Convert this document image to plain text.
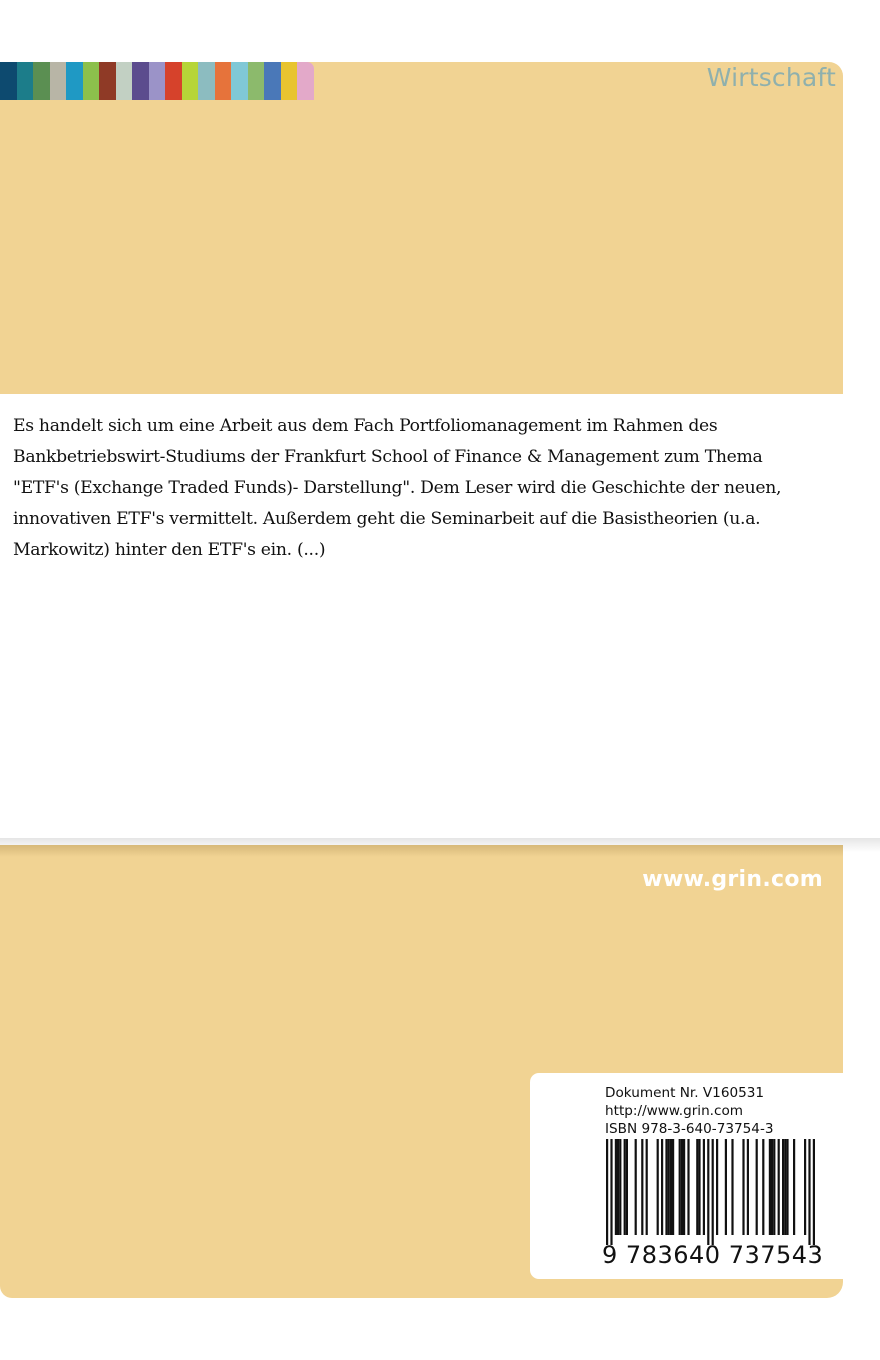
Wirtschaft

Es handelt sich um eine Arbeit aus dem Fach Portfoliomanagement im Rahmen des
Bankbetriebswirt-Studiums der Frankfurt School of Finance & Management zum Thema
"ETF's (Exchange Traded Funds)- Darstellung". Dem Leser wird die Geschichte der neuen,
innovativen ETF's vermittelt. Außerdem geht die Seminarbeit auf die Basistheorien (u.a.
Markowitz) hinter den ETF's ein. (...)

www.grin.com
Dokument Nr. V160531
http://www.grin.com
ISBN 978-3-640-73754-3
9 783640 737543
